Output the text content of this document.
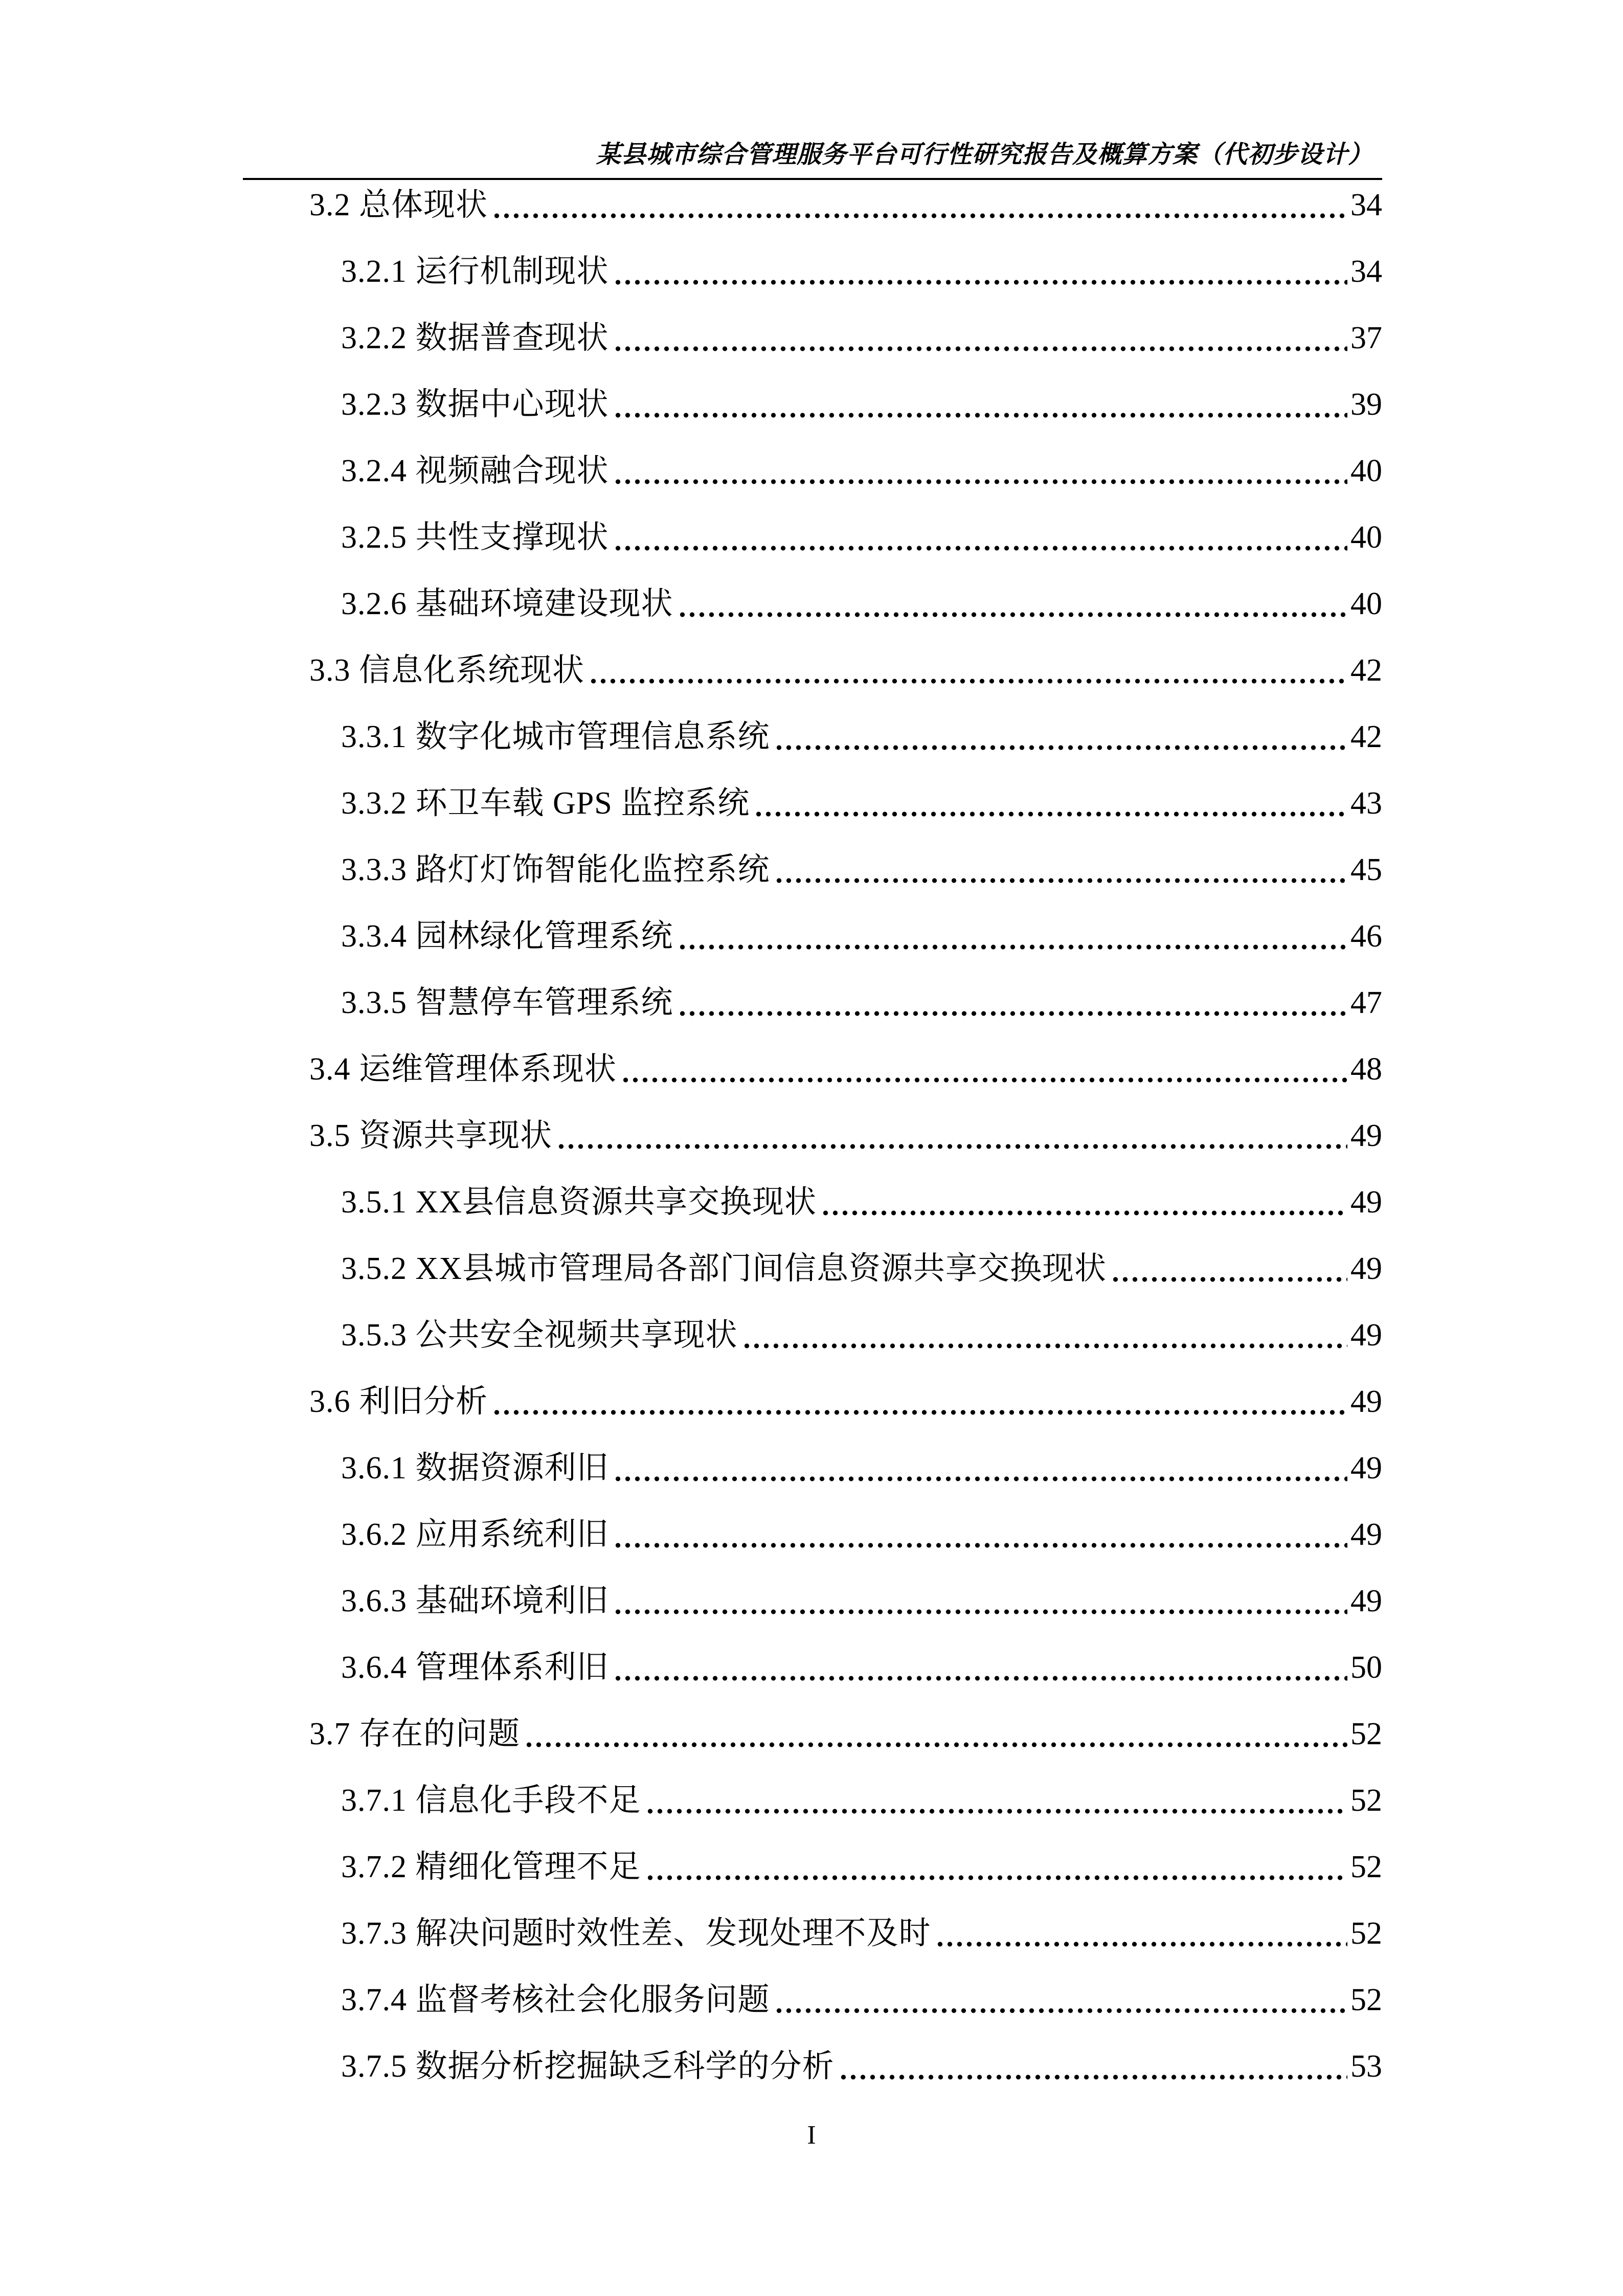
某县城市综合管理服务平台可行性研究报告及概算方案（代初步设计）
3.2 总体现状	34
3.2.1 运行机制现状	34
3.2.2 数据普查现状	37
3.2.3 数据中心现状	39
3.2.4 视频融合现状	40
3.2.5 共性支撑现状	40
3.2.6 基础环境建设现状	40
3.3 信息化系统现状	42
3.3.1 数字化城市管理信息系统	42
3.3.2 环卫车载 GPS 监控系统	43
3.3.3 路灯灯饰智能化监控系统	45
3.3.4 园林绿化管理系统	46
3.3.5 智慧停车管理系统	47
3.4 运维管理体系现状	48
3.5 资源共享现状	49
3.5.1 XX县信息资源共享交换现状	49
3.5.2 XX县城市管理局各部门间信息资源共享交换现状	49
3.5.3 公共安全视频共享现状	49
3.6 利旧分析	49
3.6.1 数据资源利旧	49
3.6.2 应用系统利旧	49
3.6.3 基础环境利旧	49
3.6.4 管理体系利旧	50
3.7 存在的问题	52
3.7.1 信息化手段不足	52
3.7.2 精细化管理不足	52
3.7.3 解决问题时效性差、发现处理不及时	52
3.7.4 监督考核社会化服务问题	52
3.7.5 数据分析挖掘缺乏科学的分析	53
I
